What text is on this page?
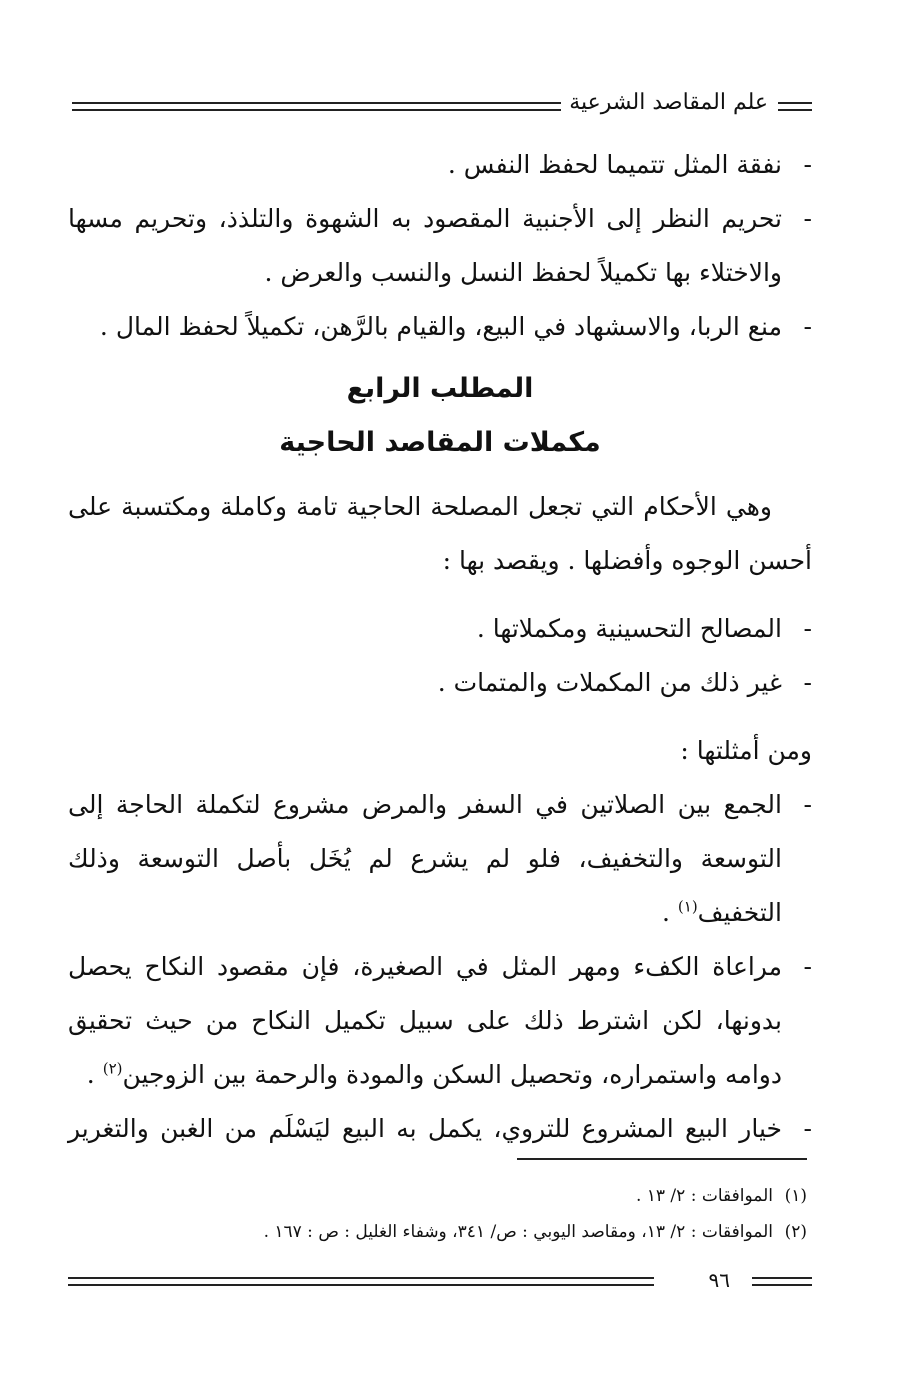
علم المقاصد الشرعية
-
نفقة المثل تتميما لحفظ النفس .
-
تحريم النظر إلى الأجنبية المقصود به الشهوة والتلذذ، وتحريم مسها
والاختلاء بها تكميلاً لحفظ النسل والنسب والعرض .
-
منع الربا، والاسشهاد في البيع، والقيام بالرَّهن، تكميلاً لحفظ المال .
المطلب الرابع
مكملات المقاصد الحاجية
وهي الأحكام التي تجعل المصلحة الحاجية تامة وكاملة ومكتسبة على
أحسن الوجوه وأفضلها . ويقصد بها :
-
المصالح التحسينية ومكملاتها .
-
غير ذلك من المكملات والمتمات .
ومن أمثلتها :
-
الجمع بين الصلاتين في السفر والمرض مشروع لتكملة الحاجة إلى
التوسعة والتخفيف، فلو لم يشرع لم يُخَل بأصل التوسعة وذلك
التخفيف$^{(١)}$ .
-
مراعاة الكفء ومهر المثل في الصغيرة، فإن مقصود النكاح يحصل
بدونها، لكن اشترط ذلك على سبيل تكميل النكاح من حيث تحقيق
دوامه واستمراره، وتحصيل السكن والمودة والرحمة بين الزوجين$^{(٢)}$ .
-
خيار البيع المشروع للتروي، يكمل به البيع ليَسْلَم من الغبن والتغرير
(١)
الموافقات : ٢/ ١٣ .
(٢)
الموافقات : ٢/ ١٣، ومقاصد اليوبي : ص/ ٣٤١، وشفاء الغليل : ص : ١٦٧ .
٩٦
